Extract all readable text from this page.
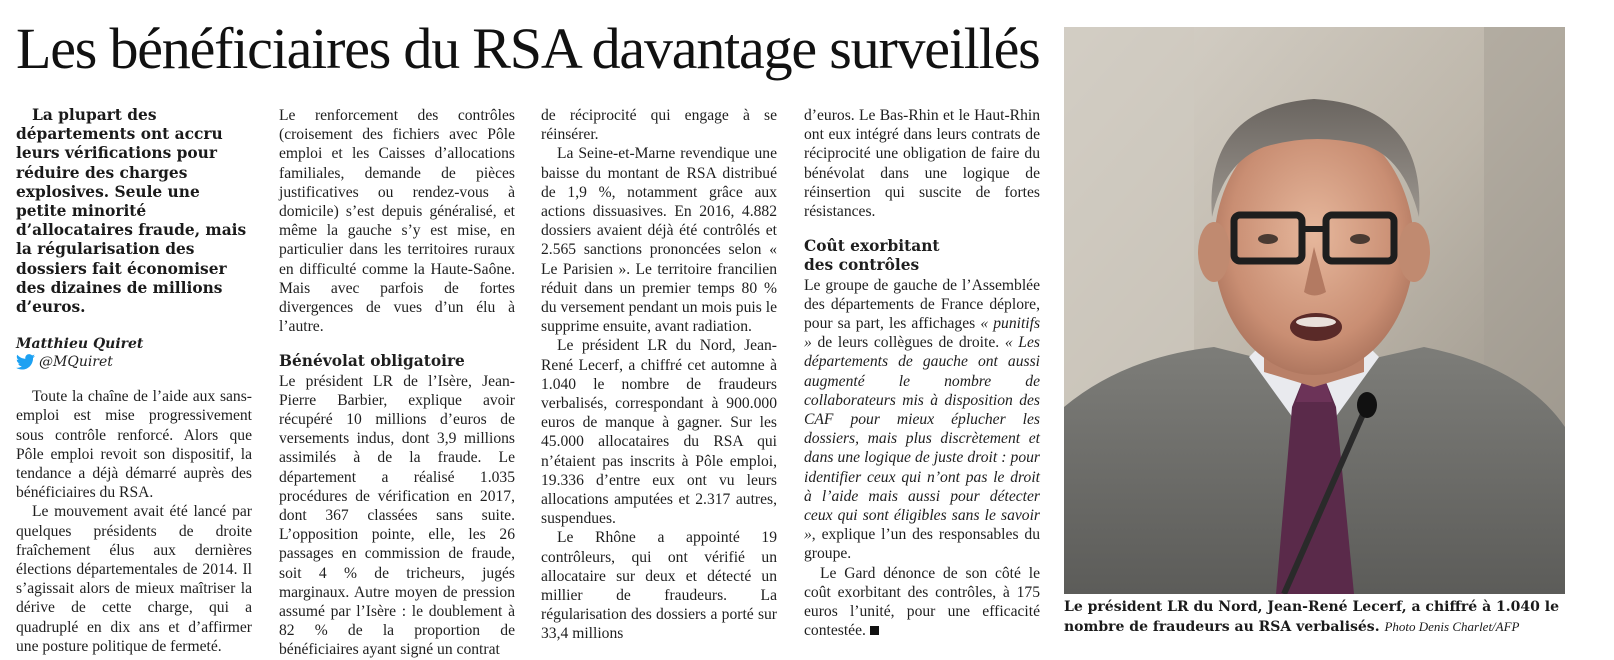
Les bénéficiaires du RSA davantage surveillés

La plupart des départements ont accru leurs vérifications pour réduire des charges explosives. Seule une petite minorité d’allocataires fraude, mais la régularisation des dossiers fait économiser des dizaines de millions d’euros.

Matthieu Quiret
@MQuiret

Toute la chaîne de l’aide aux sans-emploi est mise progressivement sous contrôle renforcé. Alors que Pôle emploi revoit son dispositif, la tendance a déjà démarré auprès des bénéficiaires du RSA.

Le mouvement avait été lancé par quelques présidents de droite fraîchement élus aux dernières élections départementales de 2014. Il s’agissait alors de mieux maîtriser la dérive de cette charge, qui a quadruplé en dix ans et d’affirmer une posture politique de fermeté.

Le renforcement des contrôles (croisement des fichiers avec Pôle emploi et les Caisses d’allocations familiales, demande de pièces justificatives ou rendez-vous à domicile) s’est depuis généralisé, et même la gauche s’y est mise, en particulier dans les territoires ruraux en difficulté comme la Haute-Saône. Mais avec parfois de fortes divergences de vues d’un élu à l’autre.

Bénévolat obligatoire

Le président LR de l’Isère, Jean-Pierre Barbier, explique avoir récupéré 10 millions d’euros de versements indus, dont 3,9 millions assimilés à de la fraude. Le département a réalisé 1.035 procédures de vérification en 2017, dont 367 classées sans suite. L’opposition pointe, elle, les 26 passages en commission de fraude, soit 4 % de tricheurs, jugés marginaux. Autre moyen de pression assumé par l’Isère : le doublement à 82 % de la proportion de bénéficiaires ayant signé un contrat

de réciprocité qui engage à se réinsérer.

La Seine-et-Marne revendique une baisse du montant de RSA distribué de 1,9 %, notamment grâce aux actions dissuasives. En 2016, 4.882 dossiers avaient déjà été contrôlés et 2.565 sanctions prononcées selon « Le Parisien ». Le territoire francilien réduit dans un premier temps 80 % du versement pendant un mois puis le supprime ensuite, avant radiation.

Le président LR du Nord, Jean-René Lecerf, a chiffré cet automne à 1.040 le nombre de fraudeurs verbalisés, correspondant à 900.000 euros de manque à gagner. Sur les 45.000 allocataires du RSA qui n’étaient pas inscrits à Pôle emploi, 19.336 d’entre eux ont vu leurs allocations amputées et 2.317 autres, suspendues.

Le Rhône a appointé 19 contrôleurs, qui ont vérifié un allocataire sur deux et détecté un millier de fraudeurs. La régularisation des dossiers a porté sur 33,4 millions

d’euros. Le Bas-Rhin et le Haut-Rhin ont eux intégré dans leurs contrats de réciprocité une obligation de faire du bénévolat dans une logique de réinsertion qui suscite de fortes résistances.

Coût exorbitant des contrôles

Le groupe de gauche de l’Assemblée des départements de France déplore, pour sa part, les affichages « punitifs » de leurs collègues de droite. « Les départements de gauche ont aussi augmenté le nombre de collaborateurs mis à disposition des CAF pour mieux éplucher les dossiers, mais plus discrètement et dans une logique de juste droit : pour identifier ceux qui n’ont pas le droit à l’aide mais aussi pour détecter ceux qui sont éligibles sans le savoir », explique l’un des responsables du groupe.

Le Gard dénonce de son côté le coût exorbitant des contrôles, à 175 euros l’unité, pour une efficacité contestée.

Le président LR du Nord, Jean-René Lecerf, a chiffré à 1.040 le nombre de fraudeurs au RSA verbalisés. Photo Denis Charlet/AFP
